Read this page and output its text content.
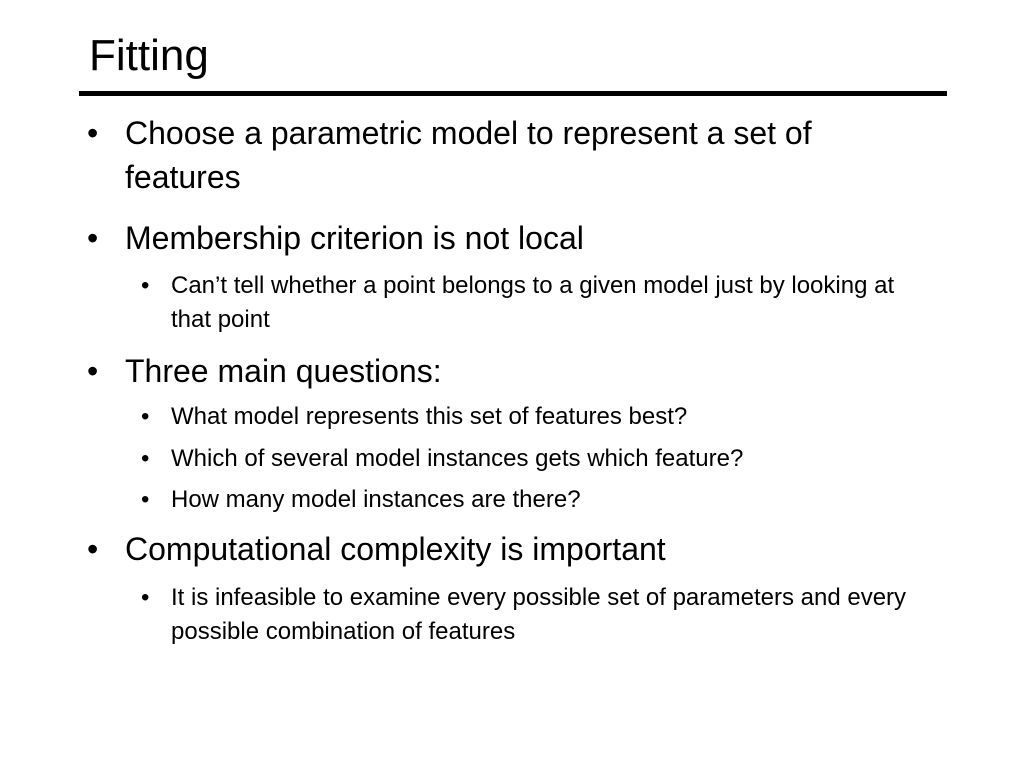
Fitting
• Choose a parametric model to represent a set of features
• Membership criterion is not local
• Can’t tell whether a point belongs to a given model just by looking at that point
• Three main questions:
• What model represents this set of features best?
• Which of several model instances gets which feature?
• How many model instances are there?
• Computational complexity is important
• It is infeasible to examine every possible set of parameters and every possible combination of features
